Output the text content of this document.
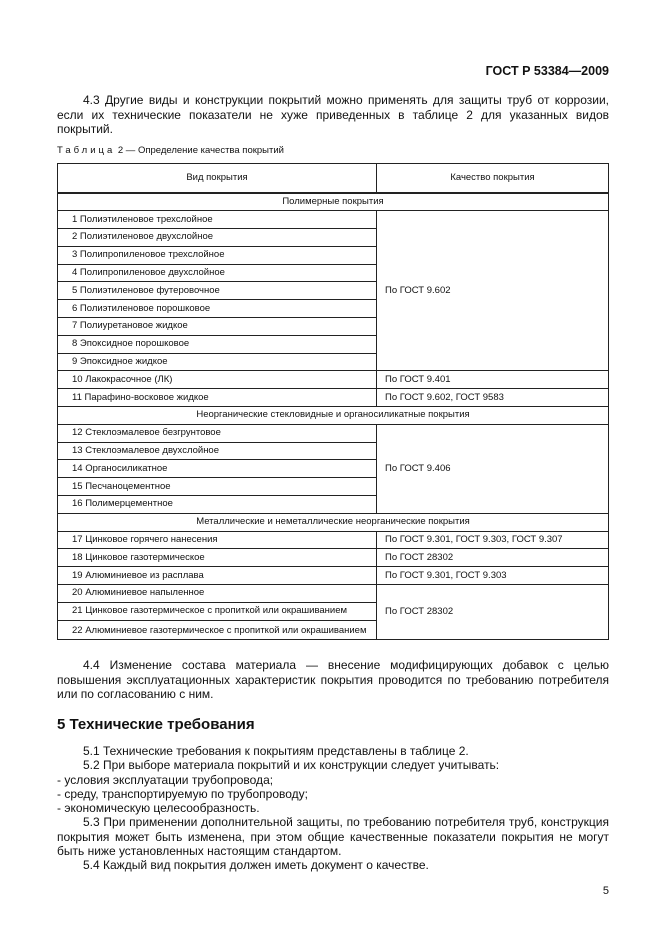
ГОСТ Р 53384—2009

4.3 Другие виды и конструкции покрытий можно применять для защиты труб от коррозии, если их технические показатели не хуже приведенных в таблице 2 для указанных видов покрытий.

Таблица 2 — Определение качества покрытий
Вид покрытия	Качество покрытия
Полимерные покрытия	
1 Полиэтиленовое трехслойное	По ГОСТ 9.602
2 Полиэтиленовое двухслойное	
3 Полипропиленовое трехслойное	
4 Полипропиленовое двухслойное	
5 Полиэтиленовое футеровочное	
6 Полиэтиленовое порошковое	
7 Полиуретановое жидкое	
8 Эпоксидное порошковое	
9 Эпоксидное жидкое	
10 Лакокрасочное (ЛК)	По ГОСТ 9.401
11 Парафино-восковое жидкое	По ГОСТ 9.602, ГОСТ 9583
Неорганические стекловидные и органосиликатные покрытия	
12 Стеклоэмалевое безгрунтовое	По ГОСТ 9.406
13 Стеклоэмалевое двухслойное	
14 Органосиликатное	
15 Песчаноцементное	
16 Полимерцементное	
Металлические и неметаллические неорганические покрытия	
17 Цинковое горячего нанесения	По ГОСТ 9.301, ГОСТ 9.303, ГОСТ 9.307
18 Цинковое газотермическое	По ГОСТ 28302
19 Алюминиевое из расплава	По ГОСТ 9.301, ГОСТ 9.303
20 Алюминиевое напыленное	По ГОСТ 28302
21 Цинковое газотермическое с пропиткой или окрашиванием	
22 Алюминиевое газотермическое с пропиткой или окрашиванием	

4.4 Изменение состава материала — внесение модифицирующих добавок с целью повышения эксплуатационных характеристик покрытия проводится по требованию потребителя или по согласованию с ним.

5 Технические требования
5.1 Технические требования к покрытиям представлены в таблице 2.
5.2 При выборе материала покрытий и их конструкции следует учитывать:
- условия эксплуатации трубопровода;
- среду, транспортируемую по трубопроводу;
- экономическую целесообразность.
5.3 При применении дополнительной защиты, по требованию потребителя труб, конструкция покрытия может быть изменена, при этом общие качественные показатели покрытия не могут быть ниже установленных настоящим стандартом.
5.4 Каждый вид покрытия должен иметь документ о качестве.
5
